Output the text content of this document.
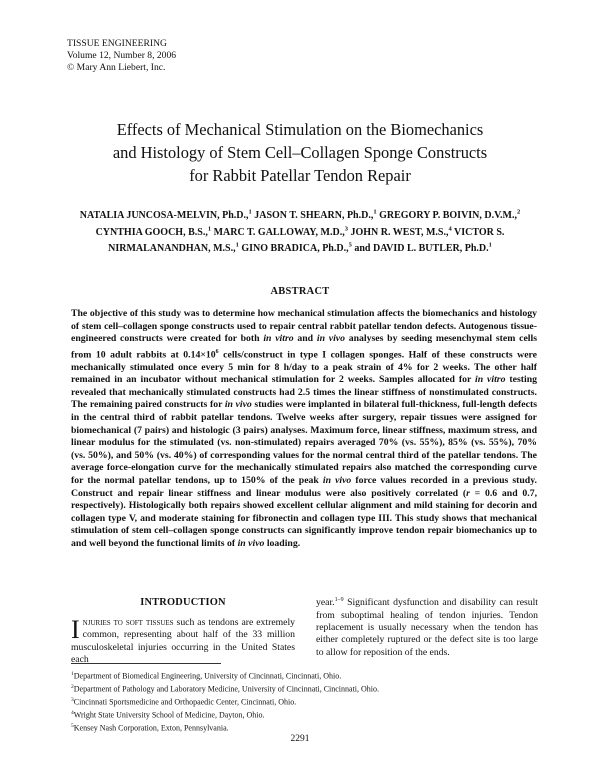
TISSUE ENGINEERING
Volume 12, Number 8, 2006
© Mary Ann Liebert, Inc.
Effects of Mechanical Stimulation on the Biomechanics
and Histology of Stem Cell–Collagen Sponge Constructs
for Rabbit Patellar Tendon Repair
NATALIA JUNCOSA-MELVIN, Ph.D.,$^1$ JASON T. SHEARN, Ph.D.,$^1$ GREGORY P. BOIVIN, D.V.M.,$^2$ CYNTHIA GOOCH, B.S.,$^1$ MARC T. GALLOWAY, M.D.,$^3$ JOHN R. WEST, M.S.,$^4$ VICTOR S. NIRMALANANDHAN, M.S.,$^1$ GINO BRADICA, Ph.D.,$^5$ and DAVID L. BUTLER, Ph.D.$^1$
ABSTRACT
The objective of this study was to determine how mechanical stimulation affects the biomechanics and histology of stem cell–collagen sponge constructs used to repair central rabbit patellar tendon defects. Autogenous tissue-engineered constructs were created for both in vitro and in vivo analyses by seeding mesenchymal stem cells from 10 adult rabbits at $0.14\times 10^6$ cells/construct in type I collagen sponges. Half of these constructs were mechanically stimulated once every 5 min for 8 h/day to a peak strain of 4% for 2 weeks. The other half remained in an incubator without mechanical stimulation for 2 weeks. Samples allocated for in vitro testing revealed that mechanically stimulated constructs had 2.5 times the linear stiffness of nonstimulated constructs. The remaining paired constructs for in vivo studies were implanted in bilateral full-thickness, full-length defects in the central third of rabbit patellar tendons. Twelve weeks after surgery, repair tissues were assigned for biomechanical (7 pairs) and histologic (3 pairs) analyses. Maximum force, linear stiffness, maximum stress, and linear modulus for the stimulated (vs. non-stimulated) repairs averaged 70% (vs. 55%), 85% (vs. 55%), 70% (vs. 50%), and 50% (vs. 40%) of corresponding values for the normal central third of the patellar tendons. The average force-elongation curve for the mechanically stimulated repairs also matched the corresponding curve for the normal patellar tendons, up to 150% of the peak in vivo force values recorded in a previous study. Construct and repair linear stiffness and linear modulus were also positively correlated (r = 0.6 and 0.7, respectively). Histologically both repairs showed excellent cellular alignment and mild staining for decorin and collagen type V, and moderate staining for fibronectin and collagen type III. This study shows that mechanical stimulation of stem cell–collagen sponge constructs can significantly improve tendon repair biomechanics up to and well beyond the functional limits of in vivo loading.
INTRODUCTION
Injuries to soft tissues such as tendons are extremely common, representing about half of the 33 million musculoskeletal injuries occurring in the United States each
year.$^{1-9}$ Significant dysfunction and disability can result from suboptimal healing of tendon injuries. Tendon replacement is usually necessary when the tendon has either completely ruptured or the defect site is too large to allow for reposition of the ends.
$^1$Department of Biomedical Engineering, University of Cincinnati, Cincinnati, Ohio.
$^2$Department of Pathology and Laboratory Medicine, University of Cincinnati, Cincinnati, Ohio.
$^3$Cincinnati Sportsmedicine and Orthopaedic Center, Cincinnati, Ohio.
$^4$Wright State University School of Medicine, Dayton, Ohio.
$^5$Kensey Nash Corporation, Exton, Pennsylvania.
2291
